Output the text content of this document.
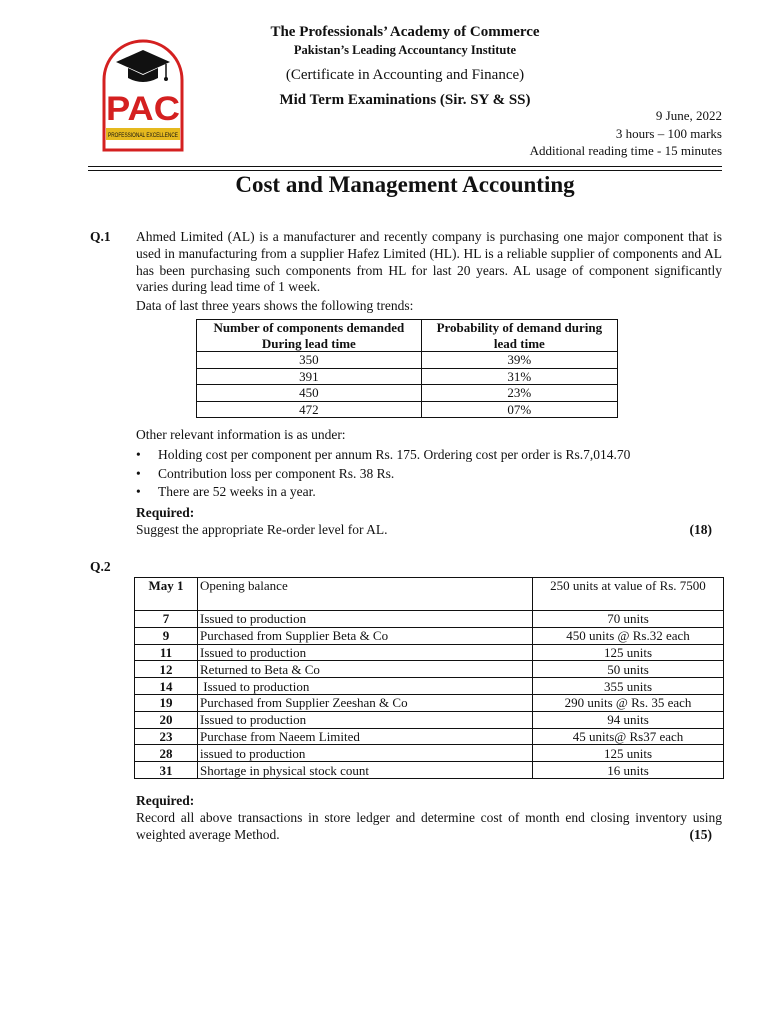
PAC
PROFESSIONAL EXCELLENCE
The Professionals’ Academy of Commerce
Pakistan’s Leading Accountancy Institute
(Certificate in Accounting and Finance)
Mid Term Examinations (Sir. SY & SS)
9 June, 2022
3 hours – 100 marks
Additional reading time - 15 minutes
Cost and Management Accounting
Q.1 Ahmed Limited (AL) is a manufacturer and recently company is purchasing one major component that is used in manufacturing from a supplier Hafez Limited (HL). HL is a reliable supplier of components and AL has been purchasing such components from HL for last 20 years. AL usage of component significantly varies during lead time of 1 week.
Data of last three years shows the following trends:
Number of components demanded	Probability of demand during
During lead time	lead time
350	39%
391	31%
450	23%
472	07%
Other relevant information is as under:
• Holding cost per component per annum Rs. 175. Ordering cost per order is Rs.7,014.70
• Contribution loss per component Rs. 38 Rs.
• There are 52 weeks in a year.
Required:
Suggest the appropriate Re-order level for AL.	(18)
Q.2
May 1	Opening balance	250 units at value of Rs. 7500
7	Issued to production	70 units
9	Purchased from Supplier Beta & Co	450 units @ Rs.32 each
11	Issued to production	125 units
12	Returned to Beta & Co	50 units
14	Issued to production	355 units
19	Purchased from Supplier Zeeshan & Co	290 units @ Rs. 35 each
20	Issued to production	94 units
23	Purchase from Naeem Limited	45 units@ Rs37 each
28	issued to production	125 units
31	Shortage in physical stock count	16 units
Required:
Record all above transactions in store ledger and determine cost of month end closing inventory using weighted average Method.	(15)
